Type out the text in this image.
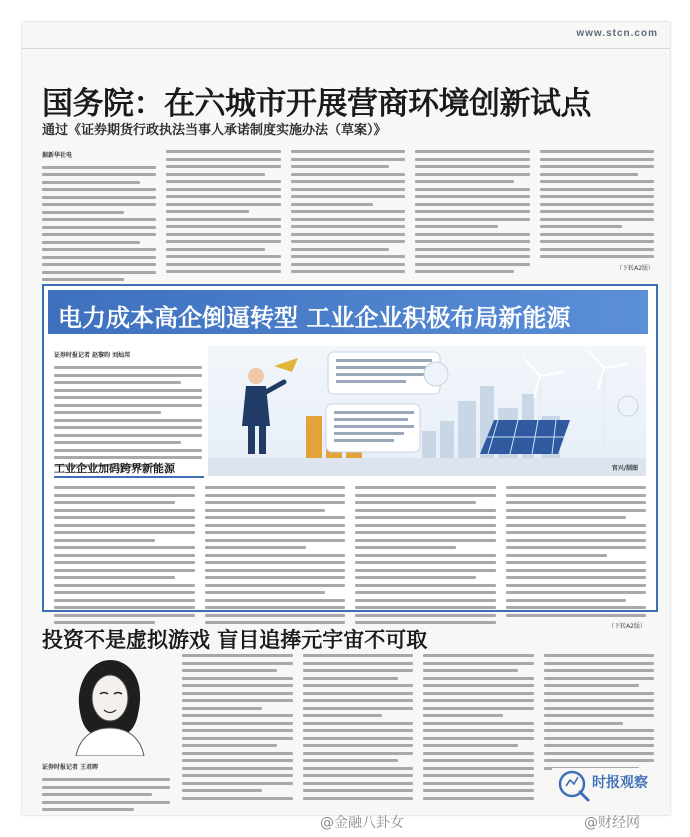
www.stcn.com
国务院：在六城市开展营商环境创新试点
通过《证券期货行政执法当事人承诺制度实施办法（草案）》
据新华社电
（下转A2版）
电力成本高企倒逼转型 工业企业积极布局新能源
证券时报记者 赵黎昀 刘灿邦
工业企业加码跨界新能源	官兴/制图
（下转A2版）
投资不是虚拟游戏 盲目追捧元宇宙不可取
证券时报记者 王君晖
时报观察
@金融八卦女	@财经网
